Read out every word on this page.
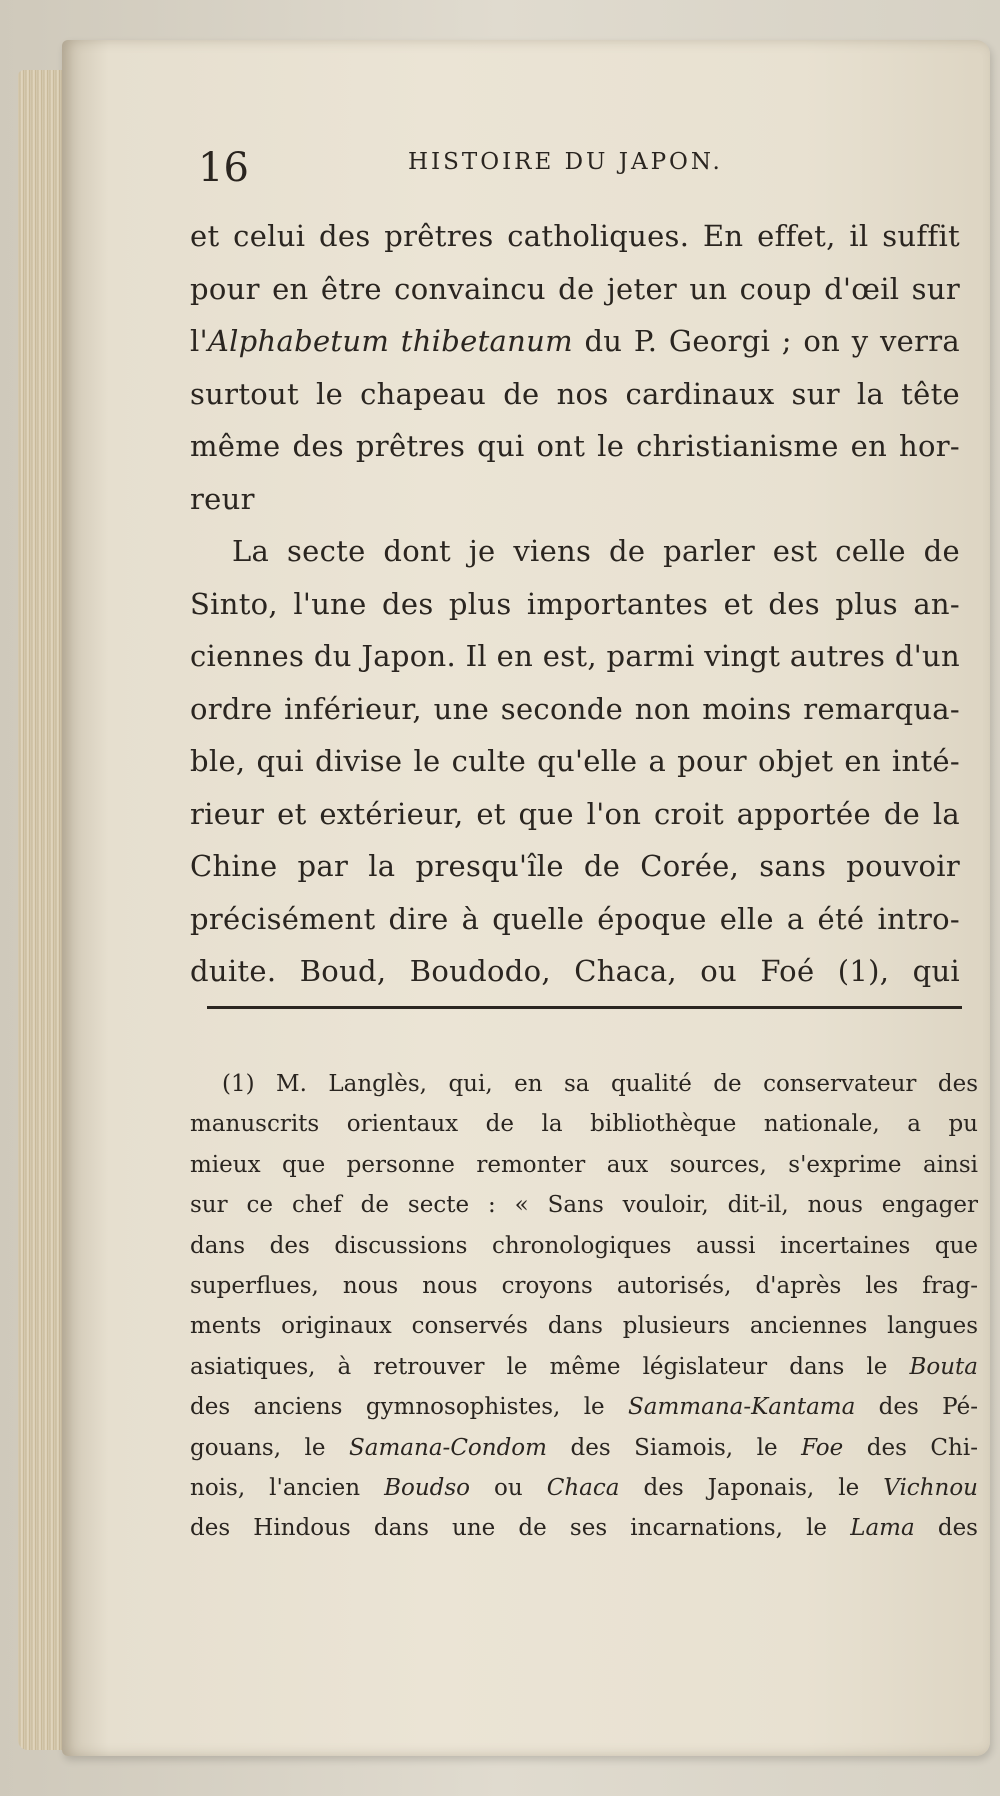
16	HISTOIRE DU JAPON.
et celui des prêtres catholiques. En effet, il suffit
pour en être convaincu de jeter un coup d'œil sur
l'Alphabetum thibetanum du P. Georgi ; on y verra
surtout le chapeau de nos cardinaux sur la tête
même des prêtres qui ont le christianisme en hor-
reur
La secte dont je viens de parler est celle de
Sinto, l'une des plus importantes et des plus an-
ciennes du Japon. Il en est, parmi vingt autres d'un
ordre inférieur, une seconde non moins remarqua-
ble, qui divise le culte qu'elle a pour objet en inté-
rieur et extérieur, et que l'on croit apportée de la
Chine par la presqu'île de Corée, sans pouvoir
précisément dire à quelle époque elle a été intro-
duite. Boud, Boudodo, Chaca, ou Foé (1), qui
(1) M. Langlès, qui, en sa qualité de conservateur des
manuscrits orientaux de la bibliothèque nationale, a pu
mieux que personne remonter aux sources, s'exprime ainsi
sur ce chef de secte : « Sans vouloir, dit-il, nous engager
dans des discussions chronologiques aussi incertaines que
superflues, nous nous croyons autorisés, d'après les frag-
ments originaux conservés dans plusieurs anciennes langues
asiatiques, à retrouver le même législateur dans le Bouta
des anciens gymnosophistes, le Sammana-Kantama des Pé-
gouans, le Samana-Condom des Siamois, le Foe des Chi-
nois, l'ancien Boudso ou Chaca des Japonais, le Vichnou
des Hindous dans une de ses incarnations, le Lama des
